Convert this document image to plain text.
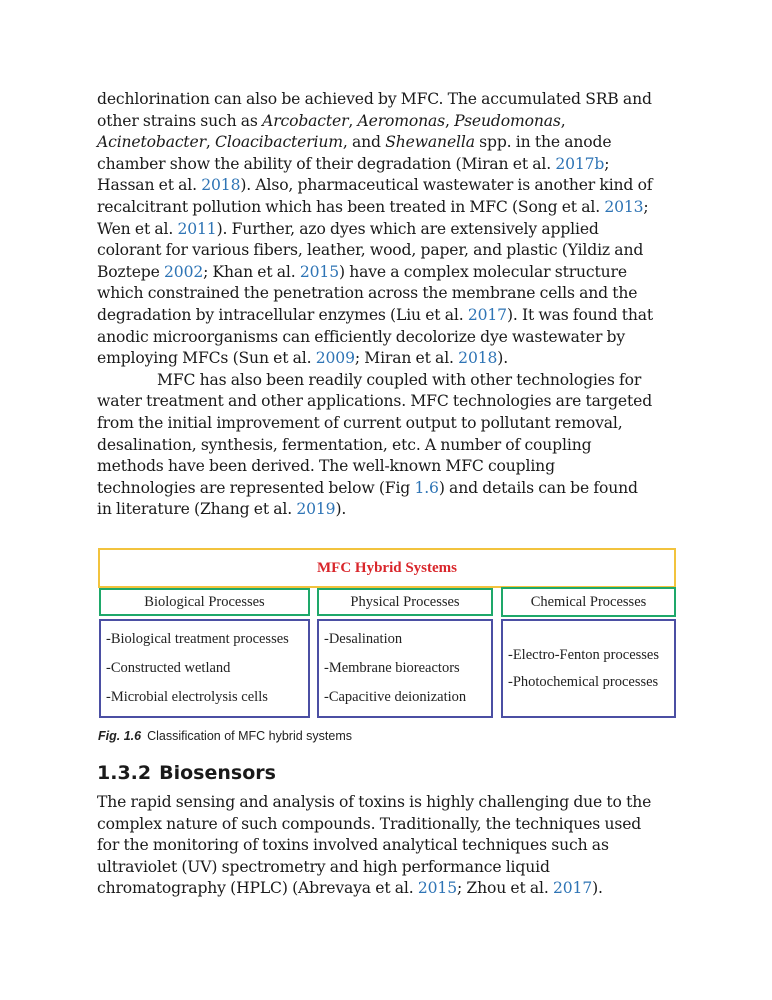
dechlorination can also be achieved by MFC. The accumulated SRB and
other strains such as Arcobacter, Aeromonas, Pseudomonas,
Acinetobacter, Cloacibacterium, and Shewanella spp. in the anode
chamber show the ability of their degradation (Miran et al. 2017b;
Hassan et al. 2018). Also, pharmaceutical wastewater is another kind of
recalcitrant pollution which has been treated in MFC (Song et al. 2013;
Wen et al. 2011). Further, azo dyes which are extensively applied
colorant for various fibers, leather, wood, paper, and plastic (Yildiz and
Boztepe 2002; Khan et al. 2015) have a complex molecular structure
which constrained the penetration across the membrane cells and the
degradation by intracellular enzymes (Liu et al. 2017). It was found that
anodic microorganisms can efficiently decolorize dye wastewater by
employing MFCs (Sun et al. 2009; Miran et al. 2018).

MFC has also been readily coupled with other technologies for
water treatment and other applications. MFC technologies are targeted
from the initial improvement of current output to pollutant removal,
desalination, synthesis, fermentation, etc. A number of coupling
methods have been derived. The well-known MFC coupling
technologies are represented below (Fig 1.6) and details can be found
in literature (Zhang et al. 2019).

MFC Hybrid Systems
Biological Processes	Physical Processes	Chemical Processes
-Biological treatment processes
-Constructed wetland
-Microbial electrolysis cells
-Desalination
-Membrane bioreactors
-Capacitive deionization
-Electro-Fenton processes
-Photochemical processes
Fig. 1.6 Classification of MFC hybrid systems
1.3.2 Biosensors

The rapid sensing and analysis of toxins is highly challenging due to the
complex nature of such compounds. Traditionally, the techniques used
for the monitoring of toxins involved analytical techniques such as
ultraviolet (UV) spectrometry and high performance liquid
chromatography (HPLC) (Abrevaya et al. 2015; Zhou et al. 2017).
